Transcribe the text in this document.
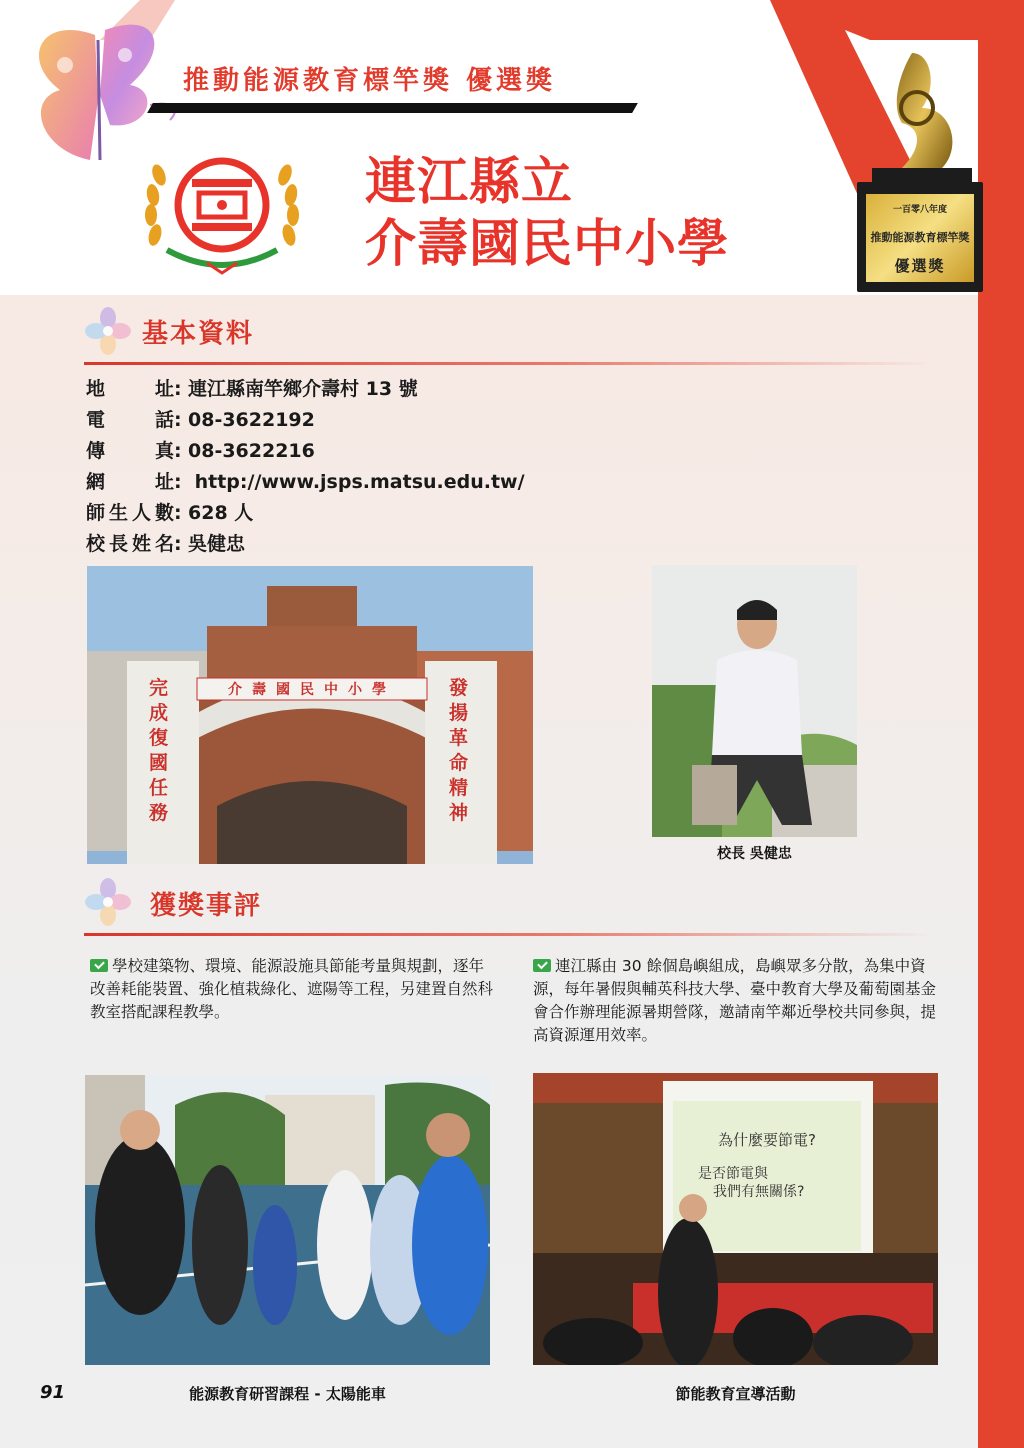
推動能源教育標竿獎 優選獎
連江縣立
介壽國民中小學
一百零八年度
推動能源教育標竿獎
優選獎
基本資料
地址: 連江縣南竿鄉介壽村 13 號
電話: 08-3622192
傳真: 08-3622216
網址: http://www.jsps.matsu.edu.tw/
師生人數: 628 人
校長姓名: 吳健忠
介壽國民中小學
完成復國任務
發揚革命精神
校長 吳健忠
獲獎事評
學校建築物、環境、能源設施具節能考量與規劃，逐年改善耗能裝置、強化植栽綠化、遮陽等工程，另建置自然科教室搭配課程教學。
連江縣由 30 餘個島嶼組成，島嶼眾多分散，為集中資源，每年暑假與輔英科技大學、臺中教育大學及葡萄園基金會合作辦理能源暑期營隊，邀請南竿鄰近學校共同參與，提高資源運用效率。
能源教育研習課程 - 太陽能車
為什麼要節電?
是否節電與
我們有無關係?
節能教育宣導活動
91
